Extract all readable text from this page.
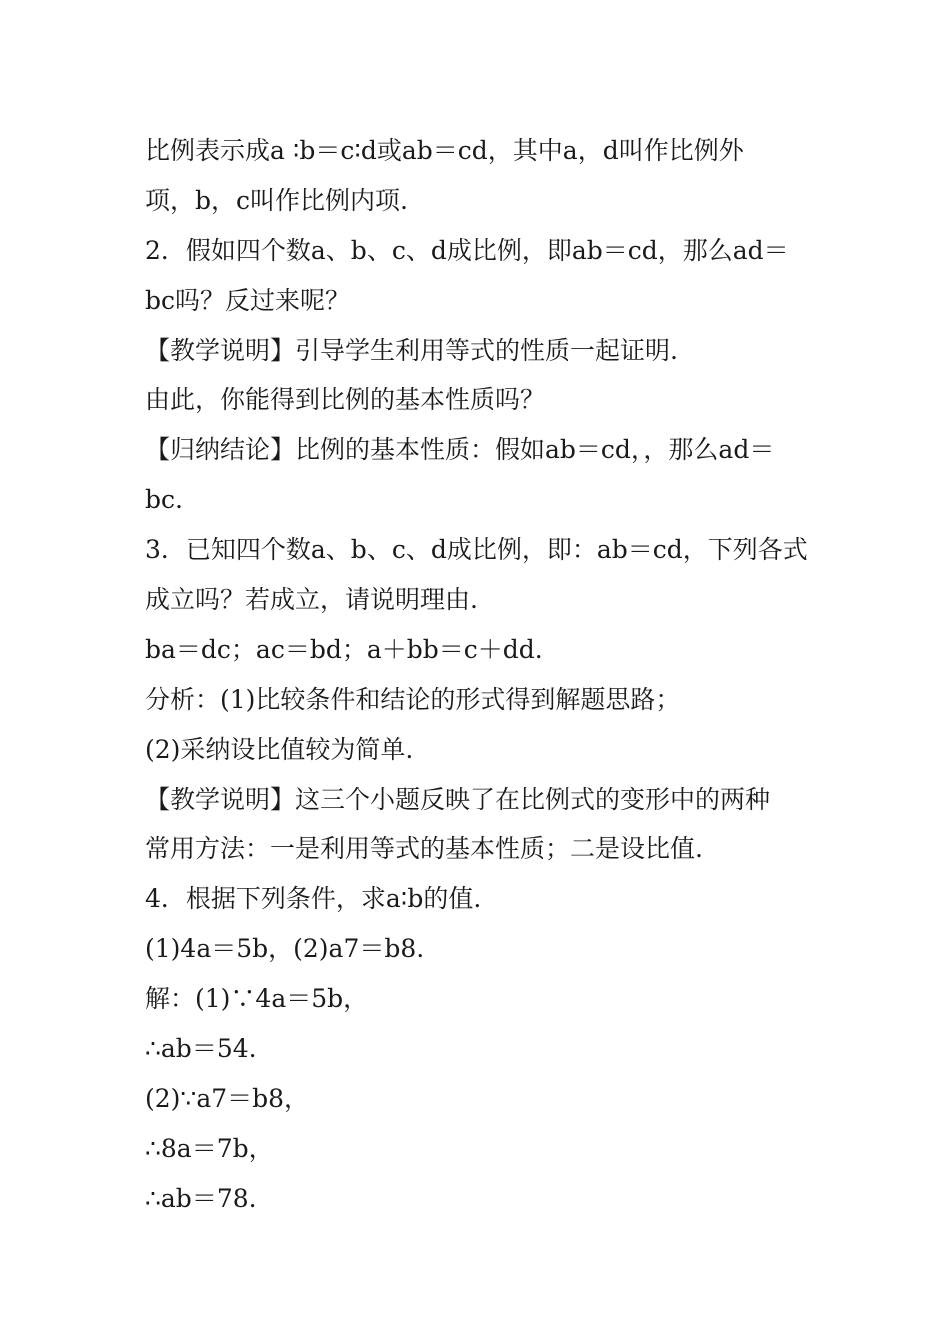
比例表示成a ∶b＝c∶d或ab＝cd，其中a，d叫作比例外
项，b，c叫作比例内项.
2．假如四个数a、b、c、d成比例，即ab＝cd，那么ad＝
bc吗？反过来呢？
【教学说明】引导学生利用等式的性质一起证明.
由此，你能得到比例的基本性质吗？
【归纳结论】比例的基本性质：假如ab＝cd，，那么ad＝
bc.
3．已知四个数a、b、c、d成比例，即：ab＝cd，下列各式
成立吗？若成立，请说明理由.
ba＝dc；ac＝bd；a＋bb＝c＋dd.
分析：(1)比较条件和结论的形式得到解题思路；
(2)采纳设比值较为简单.
【教学说明】这三个小题反映了在比例式的变形中的两种
常用方法：一是利用等式的基本性质；二是设比值.
4．根据下列条件，求a∶b的值.
(1)4a＝5b，(2)a7＝b8.
解：(1)∵4a＝5b，
∴ab＝54.
(2)∵a7＝b8，
∴8a＝7b，
∴ab＝78.
